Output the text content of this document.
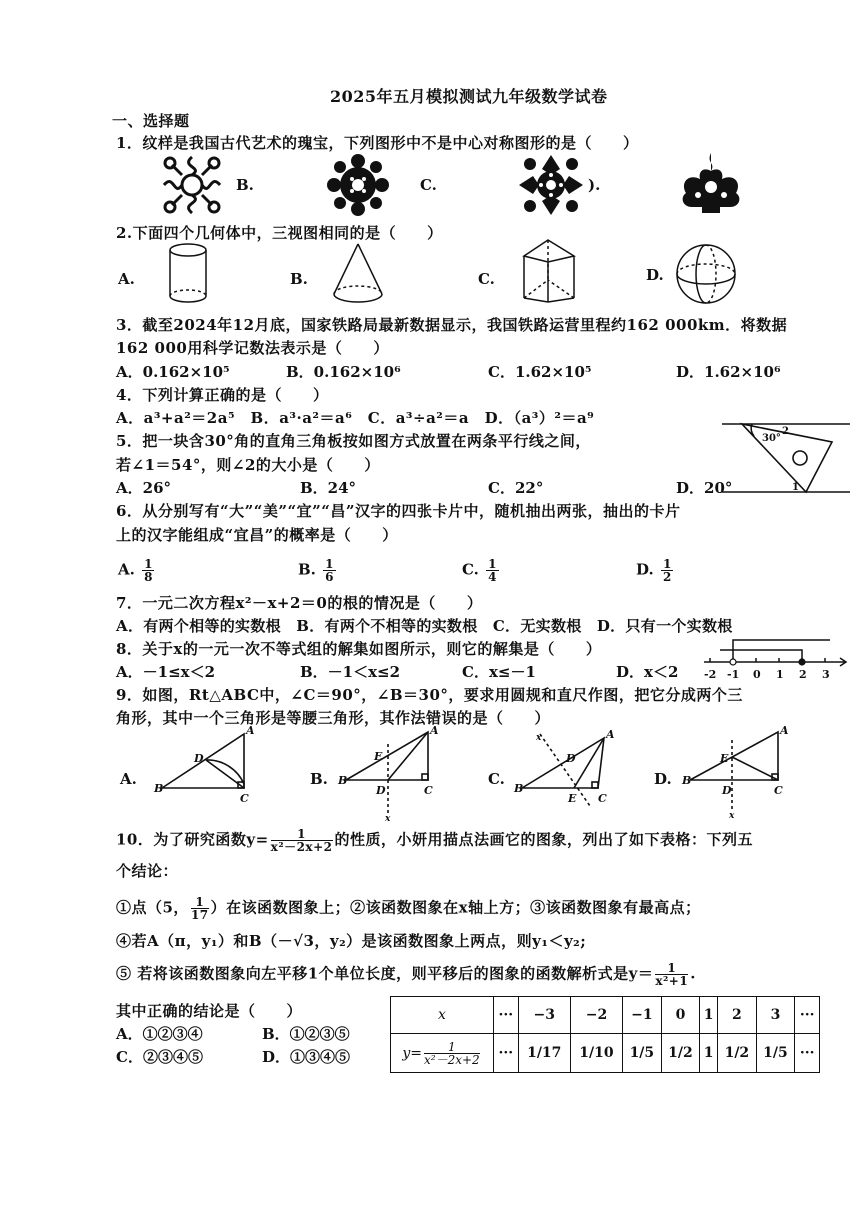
2025年五月模拟测试九年级数学试卷
一、选择题
1．纹样是我国古代艺术的瑰宝，下列图形中不是中心对称图形的是（　　）
B.	C.	).
2.下面四个几何体中，三视图相同的是（　　）
A.	B.	C.	D.
3．截至2024年12月底，国家铁路局最新数据显示，我国铁路运营里程约162 000km．将数据
162 000用科学记数法表示是（　　）
A．0.162×10⁵	B．0.162×10⁶	C．1.62×10⁵	D．1.62×10⁶
4．下列计算正确的是（　　）
A．a³+a²＝2a⁵　B．a³·a²＝a⁶　C．a³÷a²＝a　D．（a³）²＝a⁹
5．把一块含30°角的直角三角板按如图方式放置在两条平行线之间，
若∠1＝54°，则∠2的大小是（　　）
A．26°	B．24°	C．22°	D．20°
30°
2
1
6．从分别写有“大”“美”“宜”“昌”汉字的四张卡片中，随机抽出两张，抽出的卡片
上的汉字能组成“宜昌”的概率是（　　）
A. $\frac{1}{8}$	B. $\frac{1}{6}$	C. $\frac{1}{4}$	D. $\frac{1}{2}$
7．一元二次方程x²－x+2＝0的根的情况是（　　）
A．有两个相等的实数根　B．有两个不相等的实数根　C．无实数根　D．只有一个实数根
8．关于x的一元一次不等式组的解集如图所示，则它的解集是（　　）
A．－1≤x＜2	B．－1＜x≤2	C．x≤－1	D．x＜2 -2 -1 0 1 2 3
9．如图，Rt△ABC中，∠C＝90°，∠B＝30°，要求用圆规和直尺作图，把它分成两个三
角形，其中一个三角形是等腰三角形，其作法错误的是（　　）
A.
B
A
C
D
B. B
A
C
D
E
x
C.
B
A
C
D
E
x
D. B
A
C
D
E
x
10．为了研究函数$y= \frac{1}{\text{x²－2x+2}}$ 的性质，小妍用描点法画它的图象，列出了如下表格：下列五
个结论：
①点（5， $\frac{1}{17}$ ）在该函数图象上；②该函数图象在x轴上方；③该函数图象有最高点；
④若A（π，y₁）和B（－√3，y₂）是该函数图象上两点，则y₁＜y₂;
⑤ 若将该函数图象向左平移1个单位长度，则平移后的图象的函数解析式是$y= \frac{1}{\text{x²+1}}$ .
其中正确的结论是（　　）
A．①②③④	B．①②③⑤
C．②③④⑤	D．①③④⑤
x	···	−3	−2	−1	0	1	2	3	···
$y= \frac{1}{\text{x²－2x+2}}$	···	1/17	1/10	1/5	1/2	1	1/2	1/5	···
